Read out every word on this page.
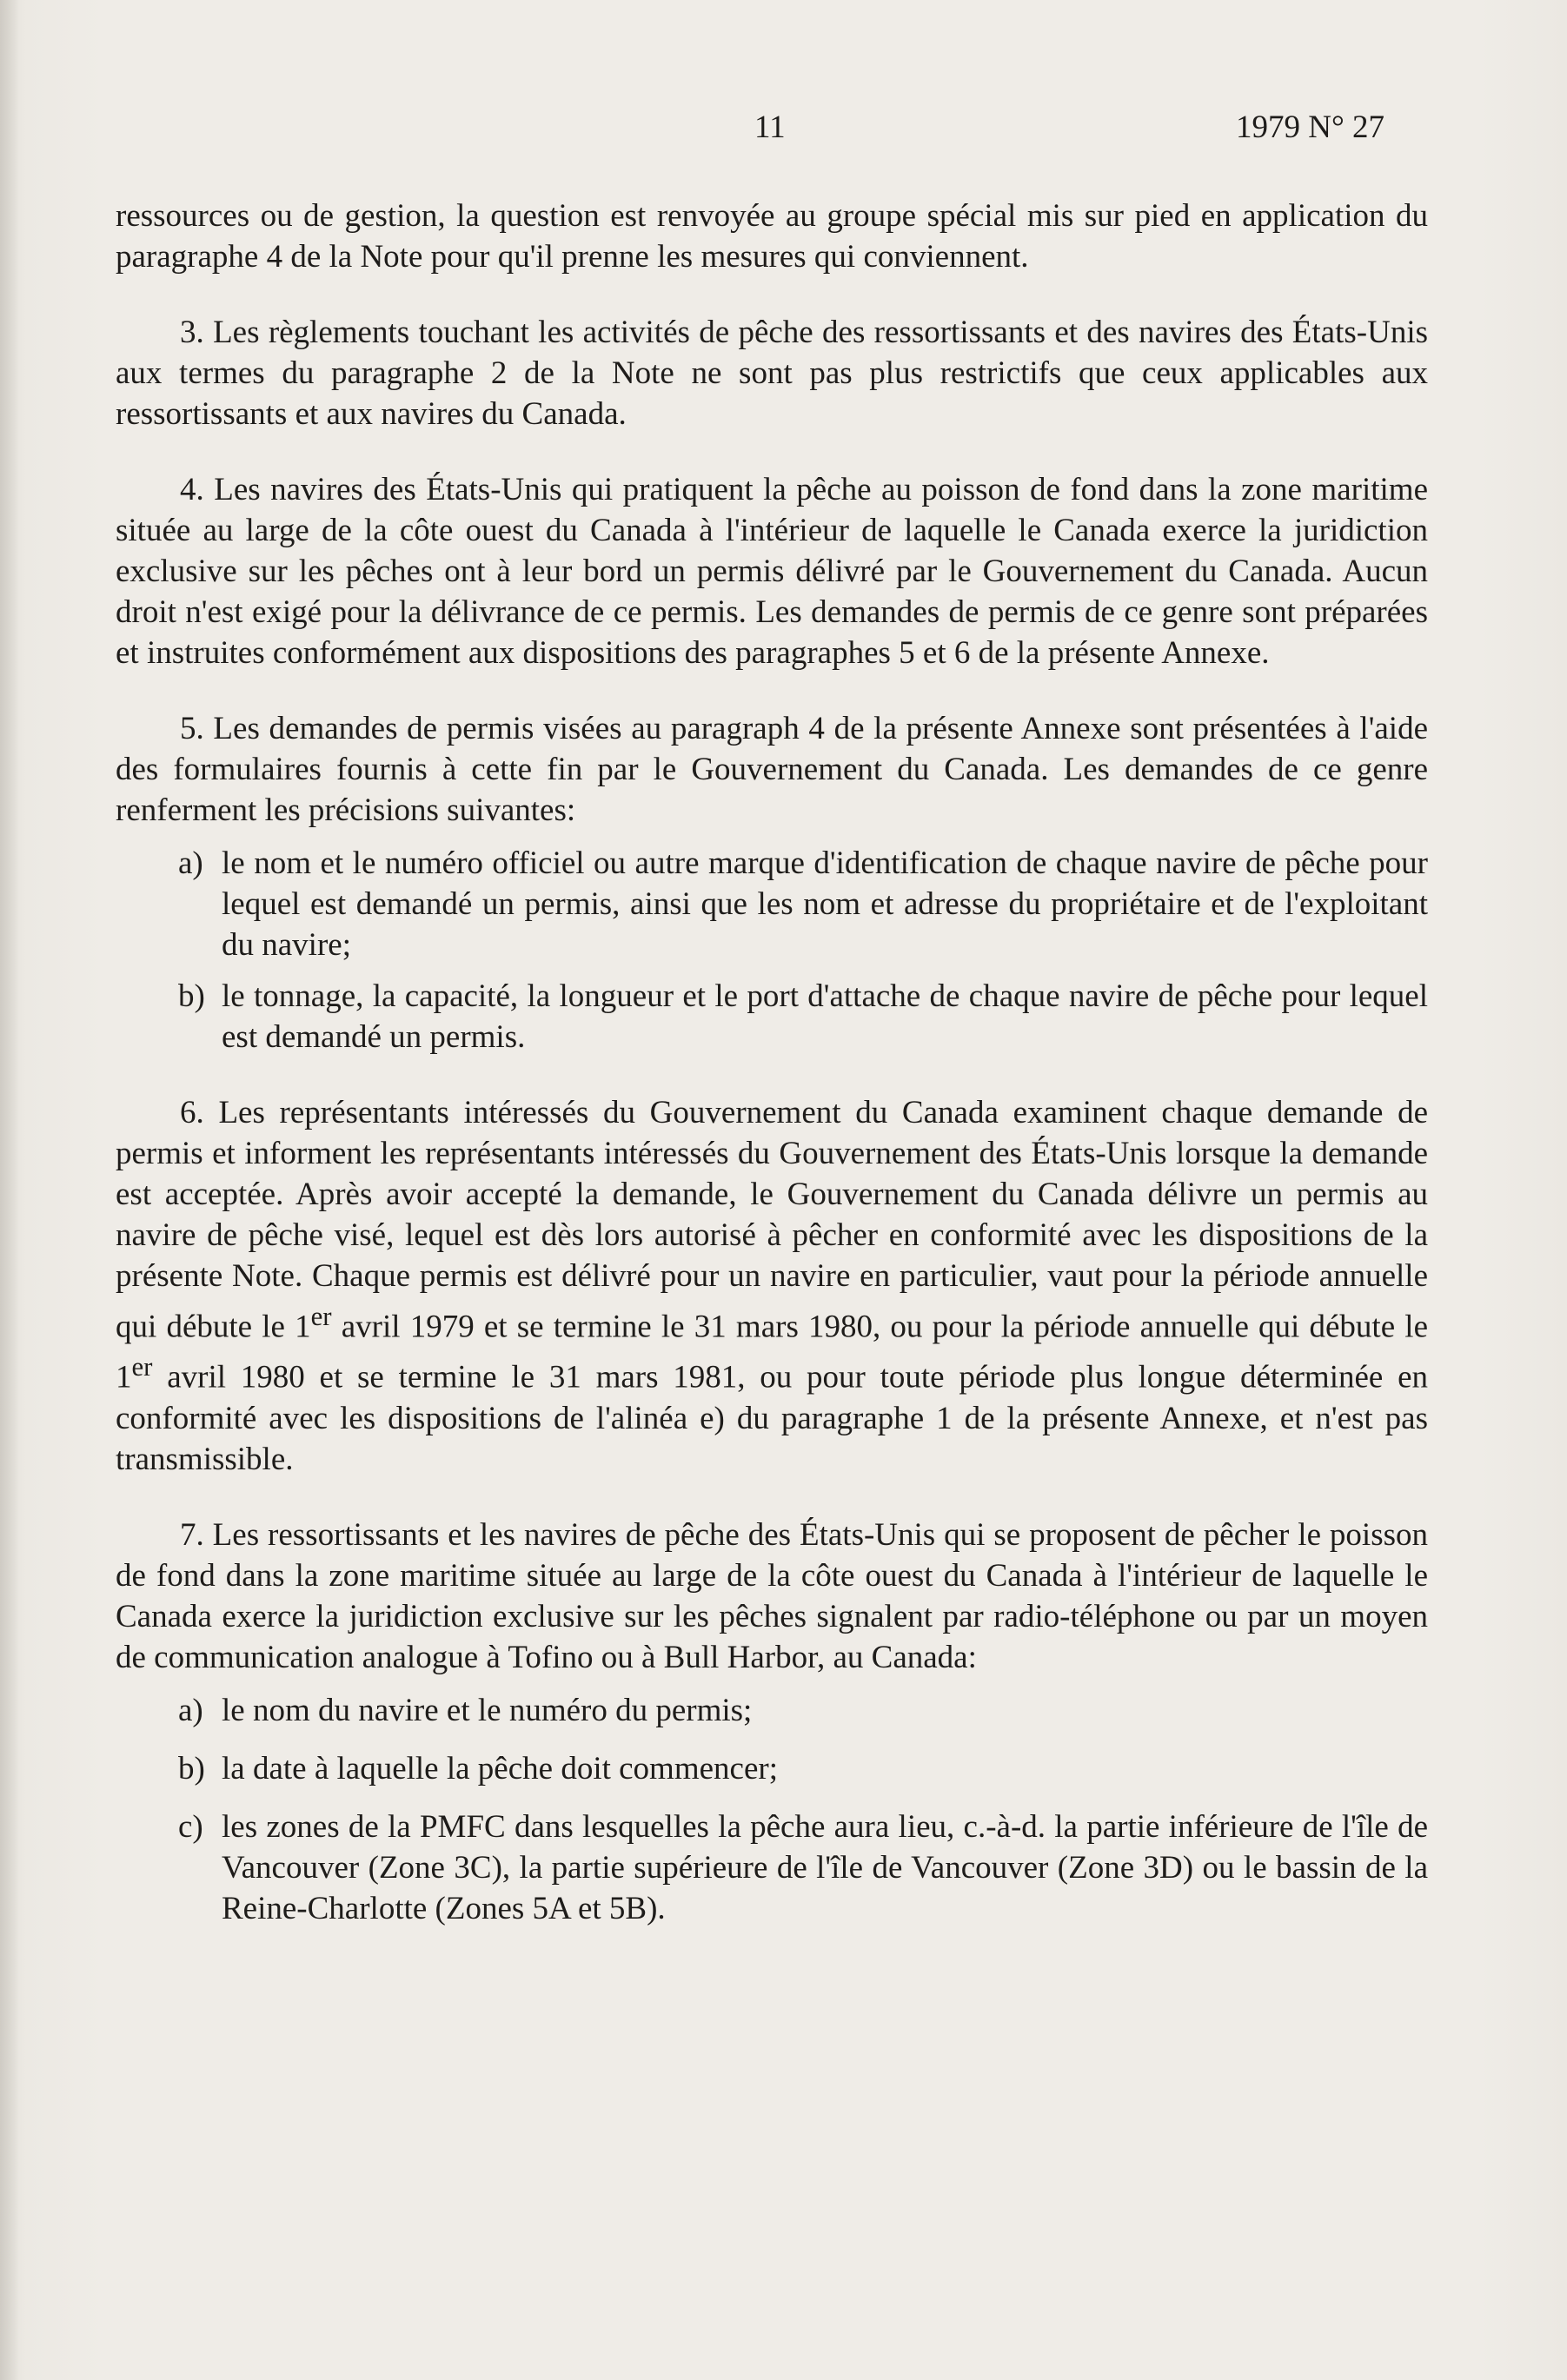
11	1979 N° 27

ressources ou de gestion, la question est renvoyée au groupe spécial mis sur pied en application du paragraphe 4 de la Note pour qu'il prenne les mesures qui conviennent.

3. Les règlements touchant les activités de pêche des ressortissants et des navires des États-Unis aux termes du paragraphe 2 de la Note ne sont pas plus restrictifs que ceux applicables aux ressortissants et aux navires du Canada.

4. Les navires des États-Unis qui pratiquent la pêche au poisson de fond dans la zone maritime située au large de la côte ouest du Canada à l'intérieur de laquelle le Canada exerce la juridiction exclusive sur les pêches ont à leur bord un permis délivré par le Gouvernement du Canada. Aucun droit n'est exigé pour la délivrance de ce permis. Les demandes de permis de ce genre sont préparées et instruites conformément aux dispositions des paragraphes 5 et 6 de la présente Annexe.

5. Les demandes de permis visées au paragraph 4 de la présente Annexe sont présentées à l'aide des formulaires fournis à cette fin par le Gouvernement du Canada. Les demandes de ce genre renferment les précisions suivantes:

a) le nom et le numéro officiel ou autre marque d'identification de chaque navire de pêche pour lequel est demandé un permis, ainsi que les nom et adresse du propriétaire et de l'exploitant du navire;
b) le tonnage, la capacité, la longueur et le port d'attache de chaque navire de pêche pour lequel est demandé un permis.

6. Les représentants intéressés du Gouvernement du Canada examinent chaque demande de permis et informent les représentants intéressés du Gouvernement des États-Unis lorsque la demande est acceptée. Après avoir accepté la demande, le Gouvernement du Canada délivre un permis au navire de pêche visé, lequel est dès lors autorisé à pêcher en conformité avec les dispositions de la présente Note. Chaque permis est délivré pour un navire en particulier, vaut pour la période annuelle qui débute le 1er avril 1979 et se termine le 31 mars 1980, ou pour la période annuelle qui débute le 1er avril 1980 et se termine le 31 mars 1981, ou pour toute période plus longue déterminée en conformité avec les dispositions de l'alinéa e) du paragraphe 1 de la présente Annexe, et n'est pas transmissible.

7. Les ressortissants et les navires de pêche des États-Unis qui se proposent de pêcher le poisson de fond dans la zone maritime située au large de la côte ouest du Canada à l'intérieur de laquelle le Canada exerce la juridiction exclusive sur les pêches signalent par radio-téléphone ou par un moyen de communication analogue à Tofino ou à Bull Harbor, au Canada:

a) le nom du navire et le numéro du permis;
b) la date à laquelle la pêche doit commencer;
c) les zones de la PMFC dans lesquelles la pêche aura lieu, c.-à-d. la partie inférieure de l'île de Vancouver (Zone 3C), la partie supérieure de l'île de Vancouver (Zone 3D) ou le bassin de la Reine-Charlotte (Zones 5A et 5B).
